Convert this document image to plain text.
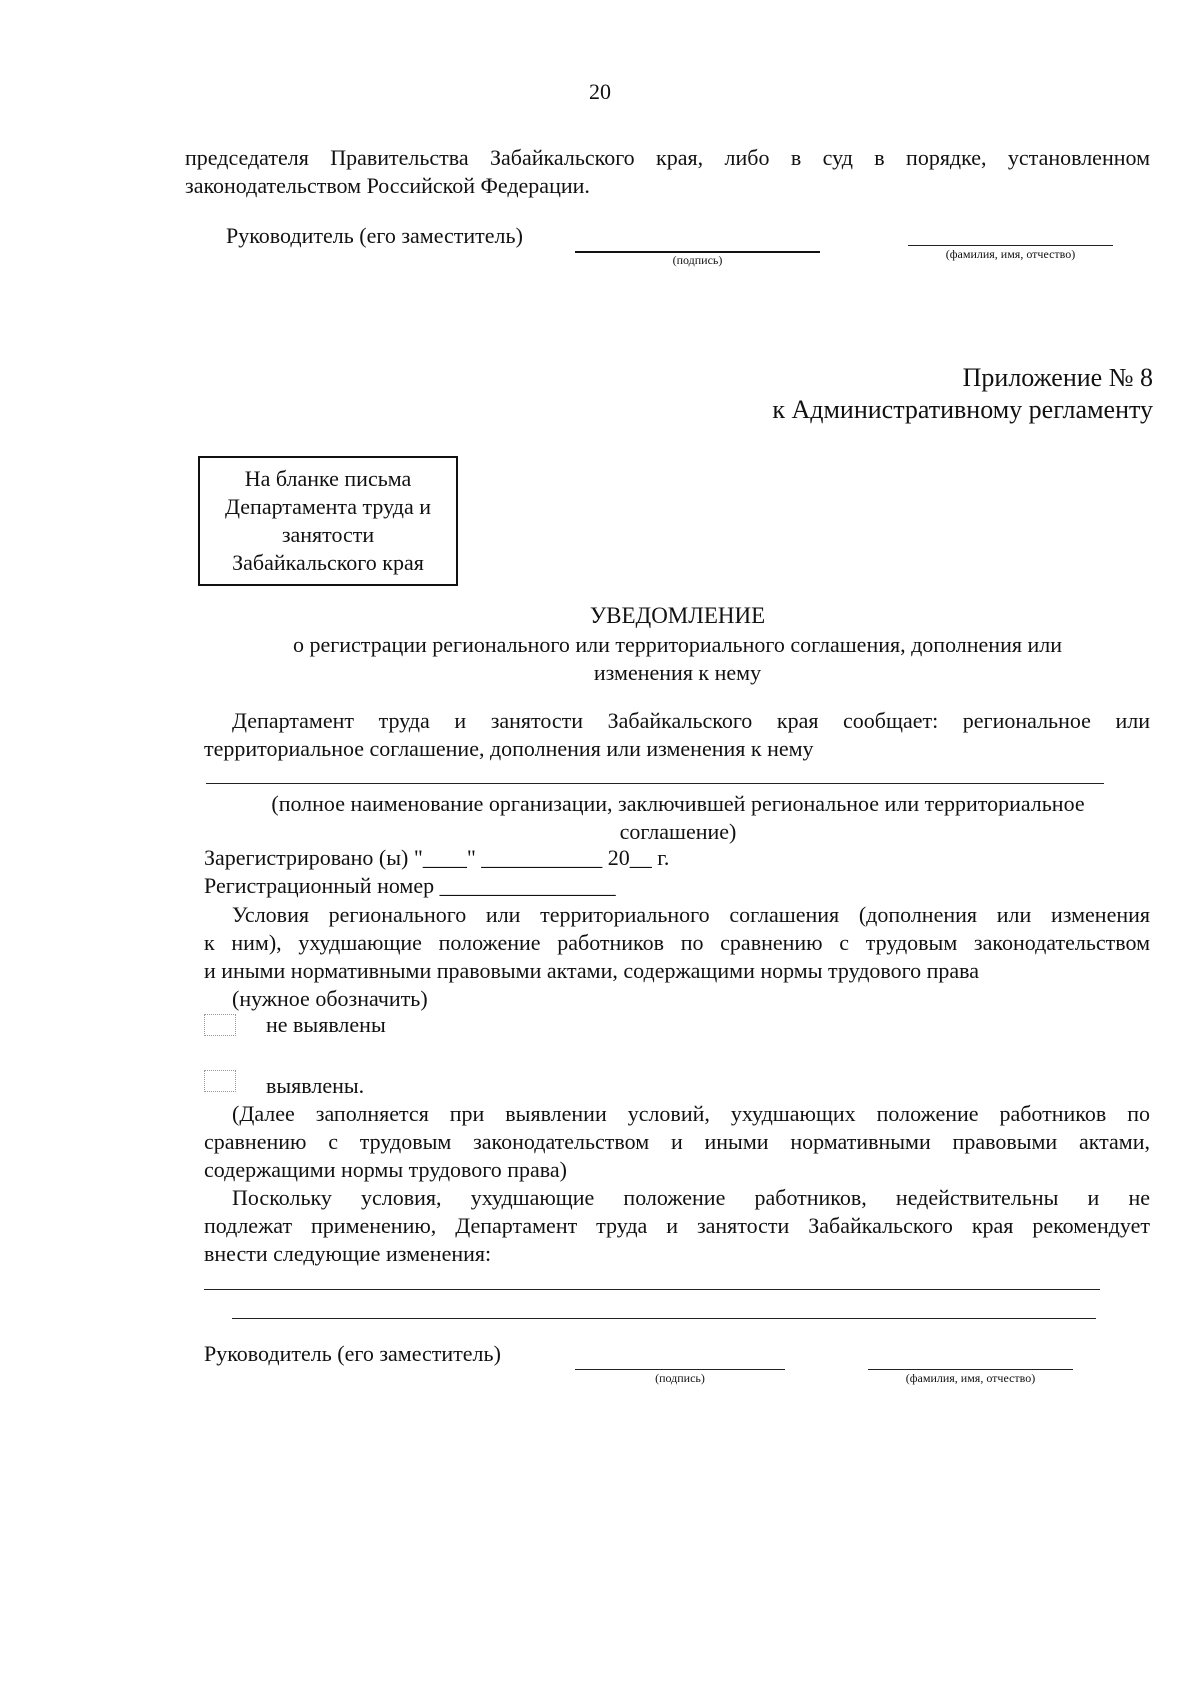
20
председателя Правительства Забайкальского края, либо в суд в порядке, установленном
законодательством Российской Федерации.
Руководитель (его заместитель)
(подпись)	(фамилия, имя, отчество)
Приложение № 8
к Административному регламенту
На бланке письма
Департамента труда и
занятости
Забайкальского края
УВЕДОМЛЕНИЕ
о регистрации регионального или территориального соглашения, дополнения или
изменения к нему
Департамент труда и занятости Забайкальского края сообщает: региональное или
территориальное соглашение, дополнения или изменения к нему
(полное наименование организации, заключившей региональное или территориальное
соглашение)
Зарегистрировано (ы) "____" ___________ 20__ г.
Регистрационный номер ________________
Условия регионального или территориального соглашения (дополнения или изменения
к ним), ухудшающие положение работников по сравнению с трудовым законодательством
и иными нормативными правовыми актами, содержащими нормы трудового права
(нужное обозначить)
не выявлены
выявлены.
(Далее заполняется при выявлении условий, ухудшающих положение работников по
сравнению с трудовым законодательством и иными нормативными правовыми актами,
содержащими нормы трудового права)
Поскольку условия, ухудшающие положение работников, недействительны и не
подлежат применению, Департамент труда и занятости Забайкальского края рекомендует
внести следующие изменения:
Руководитель (его заместитель)
(подпись)	(фамилия, имя, отчество)
